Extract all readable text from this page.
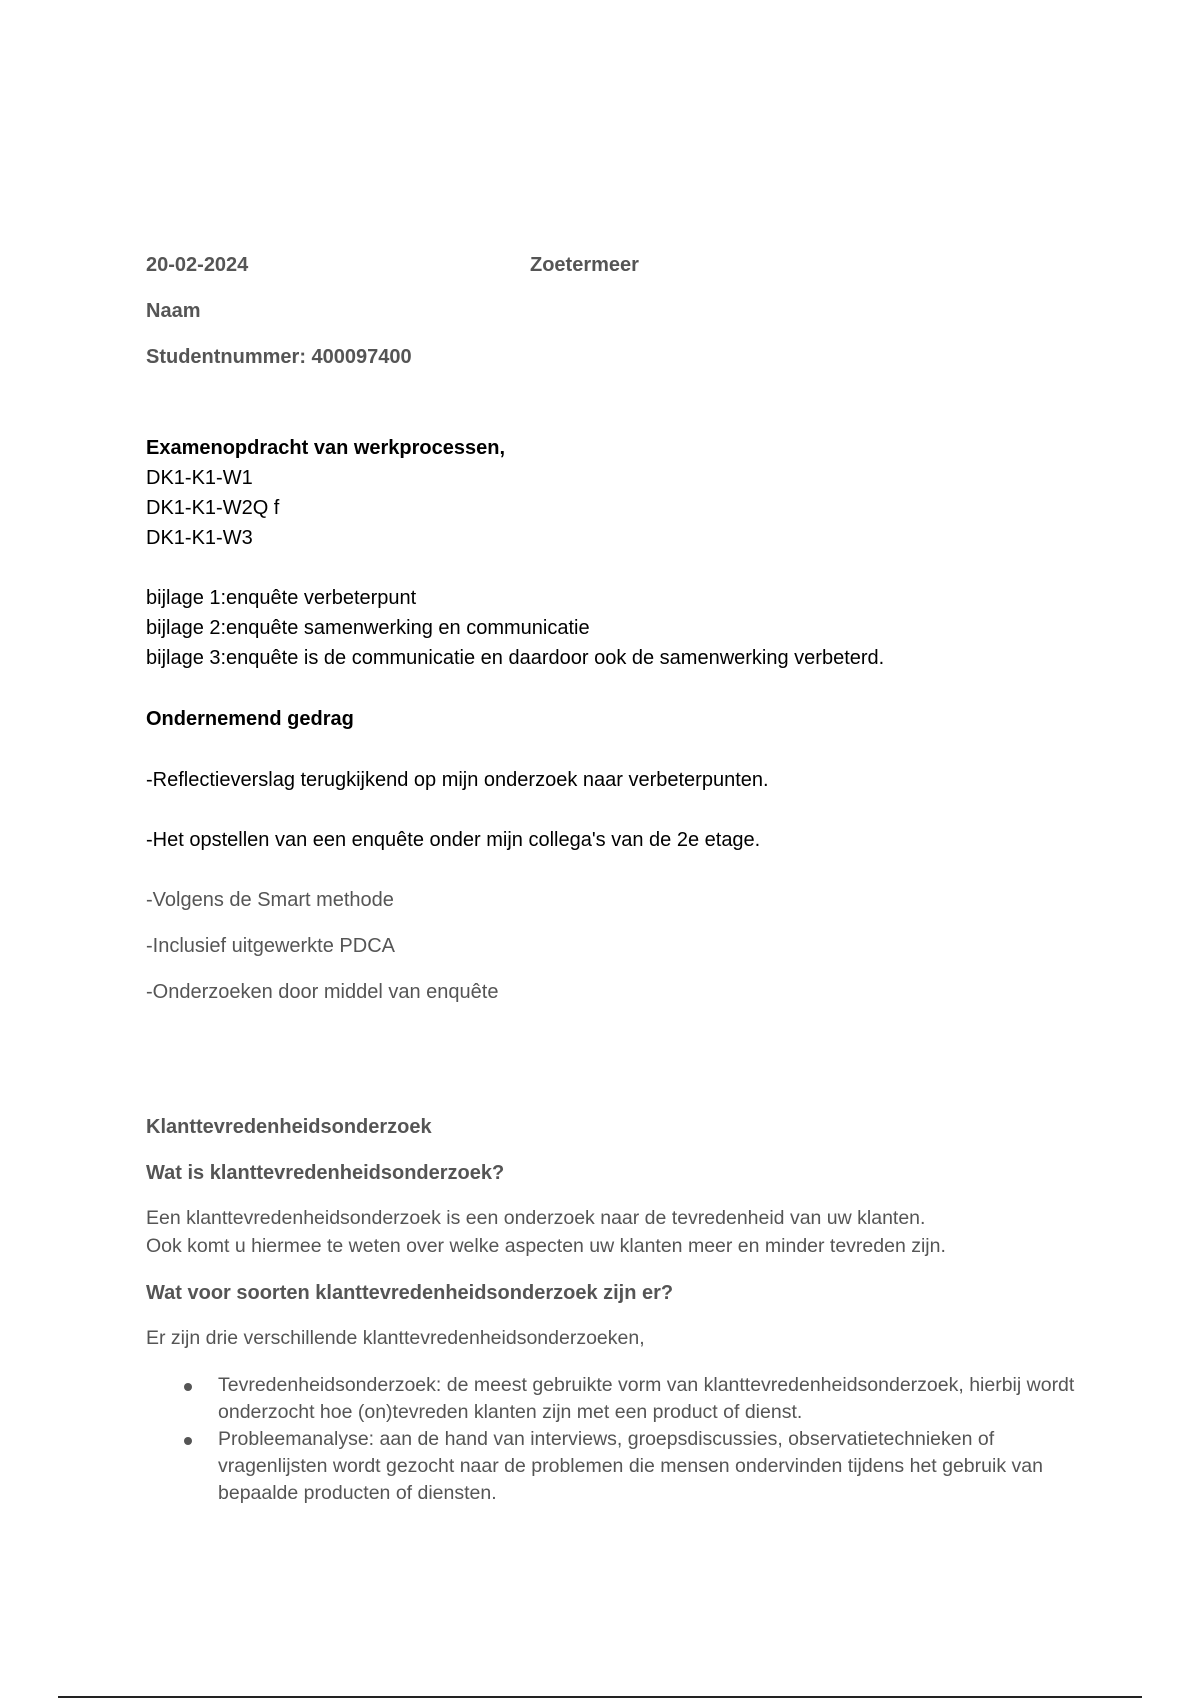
20-02-2024	Zoetermeer
Naam
Studentnummer: 400097400
Examenopdracht van werkprocessen,
DK1-K1-W1
DK1-K1-W2Q f
DK1-K1-W3
bijlage 1:enquête verbeterpunt
bijlage 2:enquête samenwerking en communicatie
bijlage 3:enquête is de communicatie en daardoor ook de samenwerking verbeterd.
Ondernemend gedrag
-Reflectieverslag terugkijkend op mijn onderzoek naar verbeterpunten.
-Het opstellen van een enquête onder mijn collega's van de 2e etage.
-Volgens de Smart methode
-Inclusief uitgewerkte PDCA
-Onderzoeken door middel van enquête
Klanttevredenheidsonderzoek
Wat is klanttevredenheidsonderzoek?
Een klanttevredenheidsonderzoek is een onderzoek naar de tevredenheid van uw klanten.
Ook komt u hiermee te weten over welke aspecten uw klanten meer en minder tevreden zijn.
Wat voor soorten klanttevredenheidsonderzoek zijn er?
Er zijn drie verschillende klanttevredenheidsonderzoeken,
Tevredenheidsonderzoek: de meest gebruikte vorm van klanttevredenheidsonderzoek, hierbij wordt onderzocht hoe (on)tevreden klanten zijn met een product of dienst.
Probleemanalyse: aan de hand van interviews, groepsdiscussies, observatietechnieken of vragenlijsten wordt gezocht naar de problemen die mensen ondervinden tijdens het gebruik van bepaalde producten of diensten.
